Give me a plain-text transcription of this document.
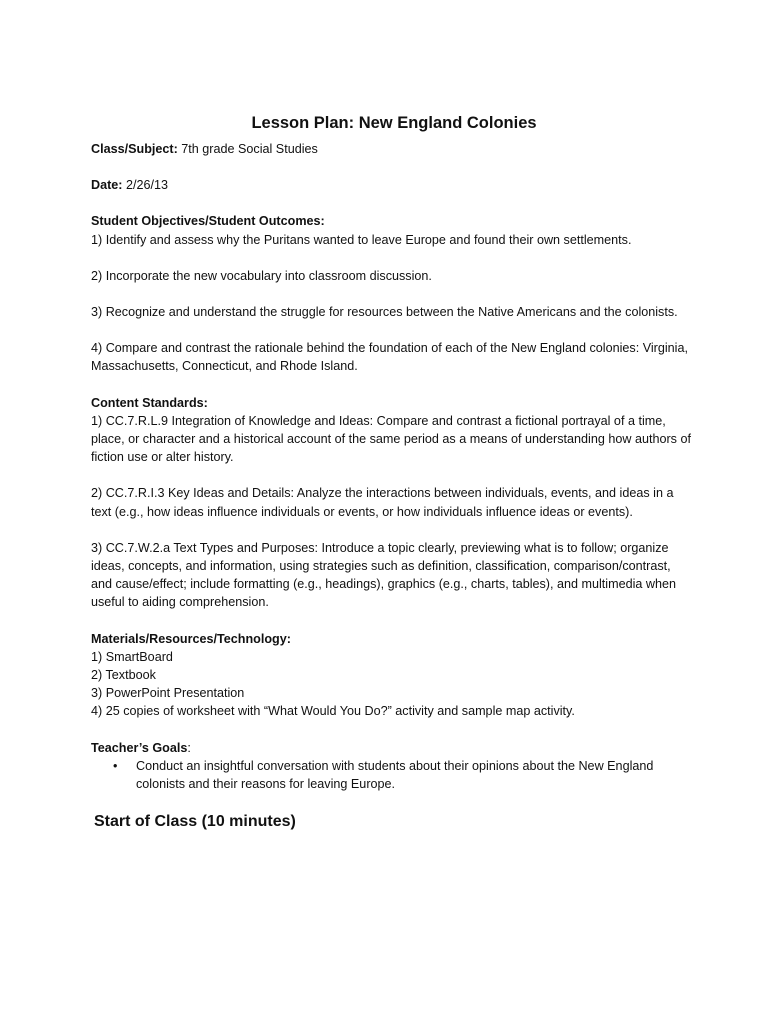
Lesson Plan: New England Colonies

Class/Subject: 7th grade Social Studies

Date: 2/26/13

Student Objectives/Student Outcomes:

1) Identify and assess why the Puritans wanted to leave Europe and found their own settlements.

2) Incorporate the new vocabulary into classroom discussion.

3) Recognize and understand the struggle for resources between the Native Americans and the colonists.

4) Compare and contrast the rationale behind the foundation of each of the New England colonies: Virginia, Massachusetts, Connecticut, and Rhode Island.

Content Standards:

1) CC.7.R.L.9 Integration of Knowledge and Ideas: Compare and contrast a fictional portrayal of a time, place, or character and a historical account of the same period as a means of understanding how authors of fiction use or alter history.

2) CC.7.R.I.3 Key Ideas and Details: Analyze the interactions between individuals, events, and ideas in a text (e.g., how ideas influence individuals or events, or how individuals influence ideas or events).

3) CC.7.W.2.a Text Types and Purposes: Introduce a topic clearly, previewing what is to follow; organize ideas, concepts, and information, using strategies such as definition, classification, comparison/contrast, and cause/effect; include formatting (e.g., headings), graphics (e.g., charts, tables), and multimedia when useful to aiding comprehension.

Materials/Resources/Technology:

1) SmartBoard

2) Textbook

3) PowerPoint Presentation

4) 25 copies of worksheet with “What Would You Do?” activity and sample map activity.

Teacher’s Goals:

•	Conduct an insightful conversation with students about their opinions about the New England colonists and their reasons for leaving Europe.
Start of Class (10 minutes)
